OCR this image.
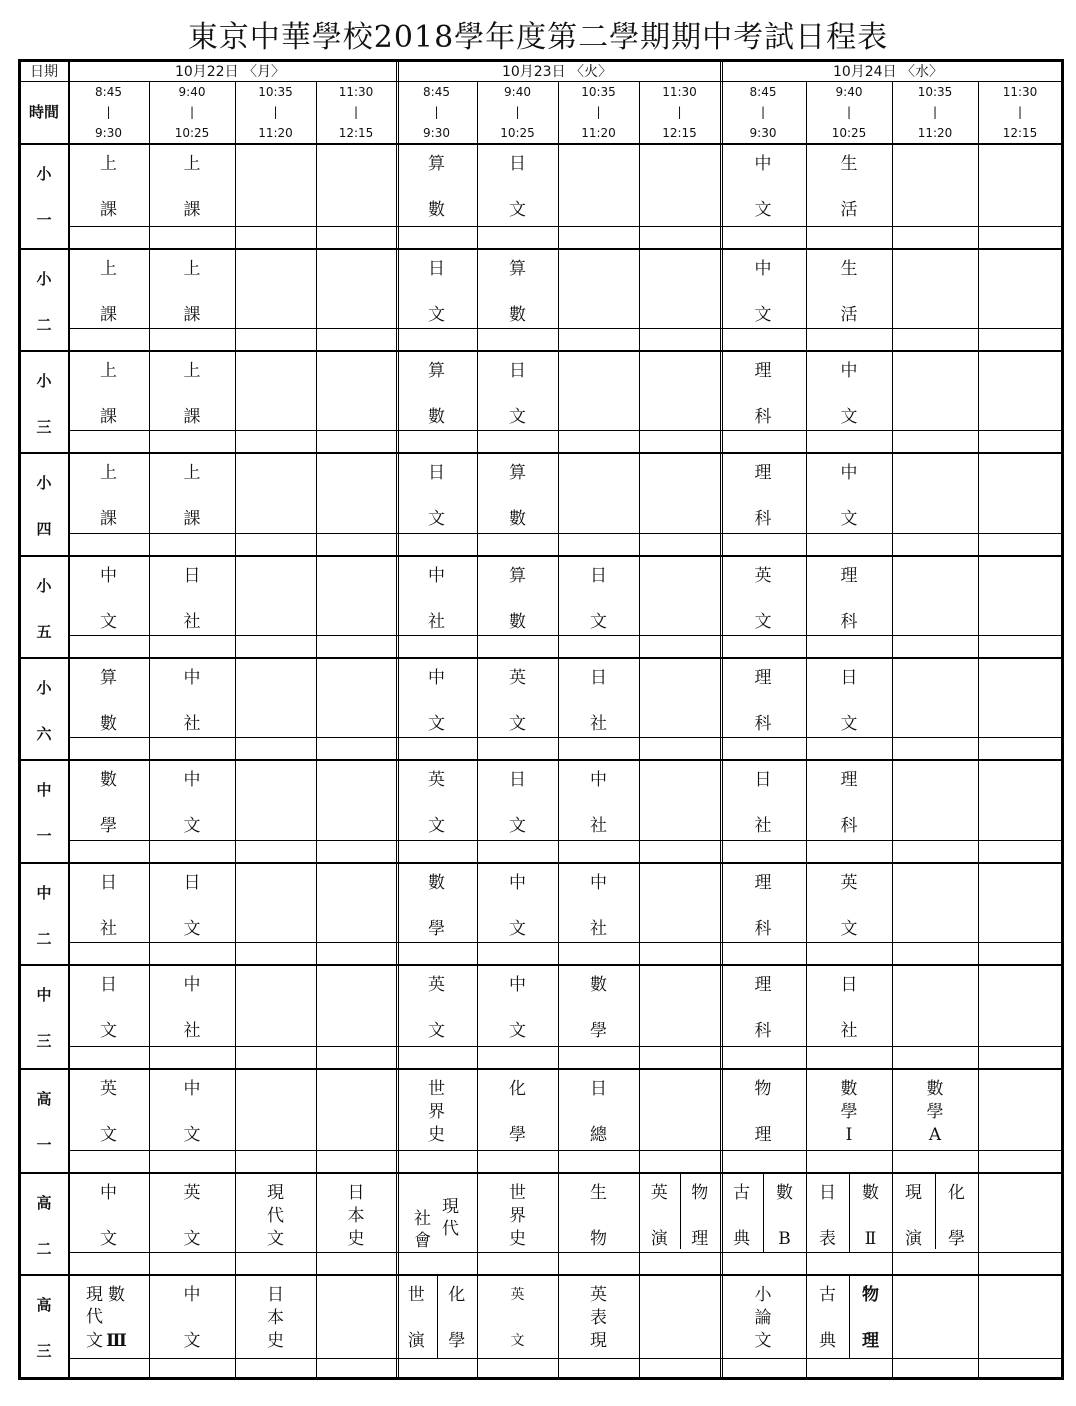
東京中華學校2018學年度第二學期期中考試日程表
10月22日 〈月〉	10月23日 〈火〉	10月24日 〈水〉
日期
時間
8:45
|
9:30
9:40
|
10:25
10:35
|
11:20
11:30
|
12:15
8:45
|
9:30
9:40
|
10:25
10:35
|
11:20
11:30
|
12:15
8:45
|
9:30
9:40
|
10:25
10:35
|
11:20
11:30
|
12:15
小
一
上
課
上
課
算
數
日
文
中
文
生
活
小
二
上
課
上
課
日
文
算
數
中
文
生
活
小
三
上
課
上
課
算
數
日
文
理
科
中
文
小
四
上
課
上
課
日
文
算
數
理
科
中
文
小
五
中
文
日
社
中
社
算
數
日
文
英
文
理
科
小
六
算
數
中
社
中
文
英
文
日
社
理
科
日
文
中
一
數
學
中
文
英
文
日
文
中
社
日
社
理
科
中
二
日
社
日
文
數
學
中
文
中
社
理
科
英
文
中
三
日
文
中
社
英
文
中
文
數
學
理
科
日
社
高
一
英
文
中
文
世
界
史
化
學
日
總
物
理
數
學
Ⅰ
數
學
A
高
二
中
文
英
文
現
代
文
日
本
史
社
會
現
代
世
界
史
生
物
英
演
物
理
古
典
數
B
日
表
數
Ⅱ
現
演
化
學
高
三
現
代
文
數
Ⅲ
中
文
日
本
史
世
演
化
學
英
文
英
表
現
小
論
文
古
典
物
理
